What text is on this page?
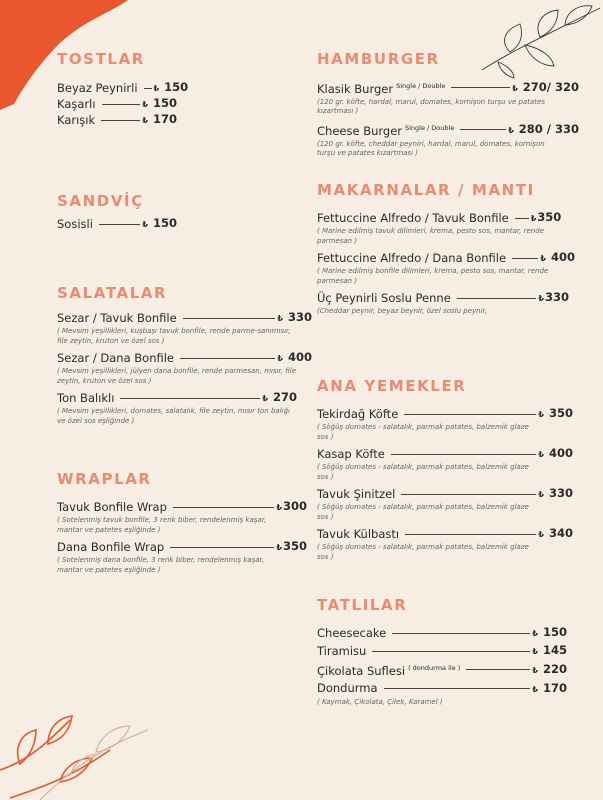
TOSTLAR
Beyaz Peynirli ₺ 150
Kaşarlı	₺ 150
Karışık	₺ 170
SANDVİÇ
Sosisli	₺ 150
SALATALAR
Sezar / Tavuk Bonfile	₺ 330
( Mevsim yeşillikleri, kuşbaşı tavuk bonfile, rende parme-sanımısır, file zeytin, kruton ve özel sos )
Sezar / Dana Bonfile	₺ 400
( Mevsim yeşillikleri, jülyen dana bonfile, rende parmesan, mısır, file zeytin, kruton ve özel sos )
Ton Balıklı	₺ 270
( Mevsim yeşillikleri, domates, salatalık, file zeytin, mısır ton balığı ve özel sos eşliğinde )
WRAPLAR
Tavuk Bonfile Wrap	₺300
( Sotelenmiş tavuk bonfile, 3 renk biber, rendelenmiş kaşar, mantar ve patetes eşliğinde )
Dana Bonfile Wrap	₺350
( Sotelenmiş dana bonfile, 3 renk biber, rendelenmiş kaşar, mantar ve patetes eşliğinde )
HAMBURGER
Klasik Burger $^{Single / Double}$	₺ 270/ 320
(120 gr. köfte, hardal, marul, domates, kornişon turşu ve patates kızartması )
Cheese Burger $^{Single / Double}$	₺ 280 / 330
(120 gr. köfte, cheddar peyniri, hardal, marul, domates, kornişon turşu ve patates kızartması )
MAKARNALAR / MANTI
Fettuccine Alfredo / Tavuk Bonfile	₺350
( Marine edilmiş tavuk dilimleri, krema, pesto sos, mantar, rende parmesan )
Fettuccine Alfredo / Dana Bonfile	₺ 400
( Marine edilmiş bonfile dilimleri, krema, pesto sos, mantar, rende parmesan )
Üç Peynirli Soslu Penne	₺330
(Cheddar peynir, beyaz beynir, özel soslu peynir,
ANA YEMEKLER
Tekirdağ Köfte	₺ 350
( Söğüş domates - salatalık, parmak patates, balzemik glaze sos )
Kasap Köfte	₺ 400
( Söğüş domates - salatalık, parmak patates, balzemik glaze sos )
Tavuk Şinitzel	₺ 330
( Söğüş domates - salatalık, parmak patates, balzemik glaze sos )
Tavuk Külbastı	₺ 340
( Söğüş domates - salatalık, parmak patates, balzemik glaze sos )
TATLILAR
Cheesecake	₺ 150
Tiramisu	₺ 145
Çikolata Suflesi $^{( dondurma ile )}$	₺ 220
Dondurma	₺ 170
( Kaymak, Çikolata, Çilek, Karamel )
